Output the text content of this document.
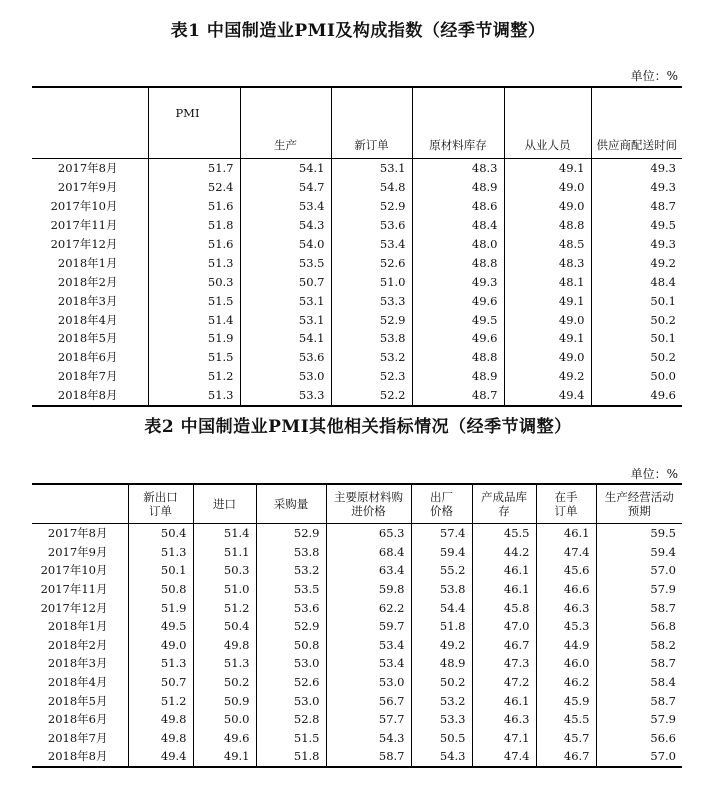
表1 中国制造业PMI及构成指数（经季节调整）
单位：%
	PMI	生产	新订单	原材料库存	从业人员	供应商配送时间
2017年8月	51.7	54.1	53.1	48.3	49.1	49.3
2017年9月	52.4	54.7	54.8	48.9	49.0	49.3
2017年10月	51.6	53.4	52.9	48.6	49.0	48.7
2017年11月	51.8	54.3	53.6	48.4	48.8	49.5
2017年12月	51.6	54.0	53.4	48.0	48.5	49.3
2018年1月	51.3	53.5	52.6	48.8	48.3	49.2
2018年2月	50.3	50.7	51.0	49.3	48.1	48.4
2018年3月	51.5	53.1	53.3	49.6	49.1	50.1
2018年4月	51.4	53.1	52.9	49.5	49.0	50.2
2018年5月	51.9	54.1	53.8	49.6	49.1	50.1
2018年6月	51.5	53.6	53.2	48.8	49.0	50.2
2018年7月	51.2	53.0	52.3	48.9	49.2	50.0
2018年8月	51.3	53.3	52.2	48.7	49.4	49.6
表2 中国制造业PMI其他相关指标情况（经季节调整）
单位：%
	新出口订单	进口	采购量	主要原材料购进价格	出厂价格	产成品库存	在手订单	生产经营活动预期
2017年8月	50.4	51.4	52.9	65.3	57.4	45.5	46.1	59.5
2017年9月	51.3	51.1	53.8	68.4	59.4	44.2	47.4	59.4
2017年10月	50.1	50.3	53.2	63.4	55.2	46.1	45.6	57.0
2017年11月	50.8	51.0	53.5	59.8	53.8	46.1	46.6	57.9
2017年12月	51.9	51.2	53.6	62.2	54.4	45.8	46.3	58.7
2018年1月	49.5	50.4	52.9	59.7	51.8	47.0	45.3	56.8
2018年2月	49.0	49.8	50.8	53.4	49.2	46.7	44.9	58.2
2018年3月	51.3	51.3	53.0	53.4	48.9	47.3	46.0	58.7
2018年4月	50.7	50.2	52.6	53.0	50.2	47.2	46.2	58.4
2018年5月	51.2	50.9	53.0	56.7	53.2	46.1	45.9	58.7
2018年6月	49.8	50.0	52.8	57.7	53.3	46.3	45.5	57.9
2018年7月	49.8	49.6	51.5	54.3	50.5	47.1	45.7	56.6
2018年8月	49.4	49.1	51.8	58.7	54.3	47.4	46.7	57.0
